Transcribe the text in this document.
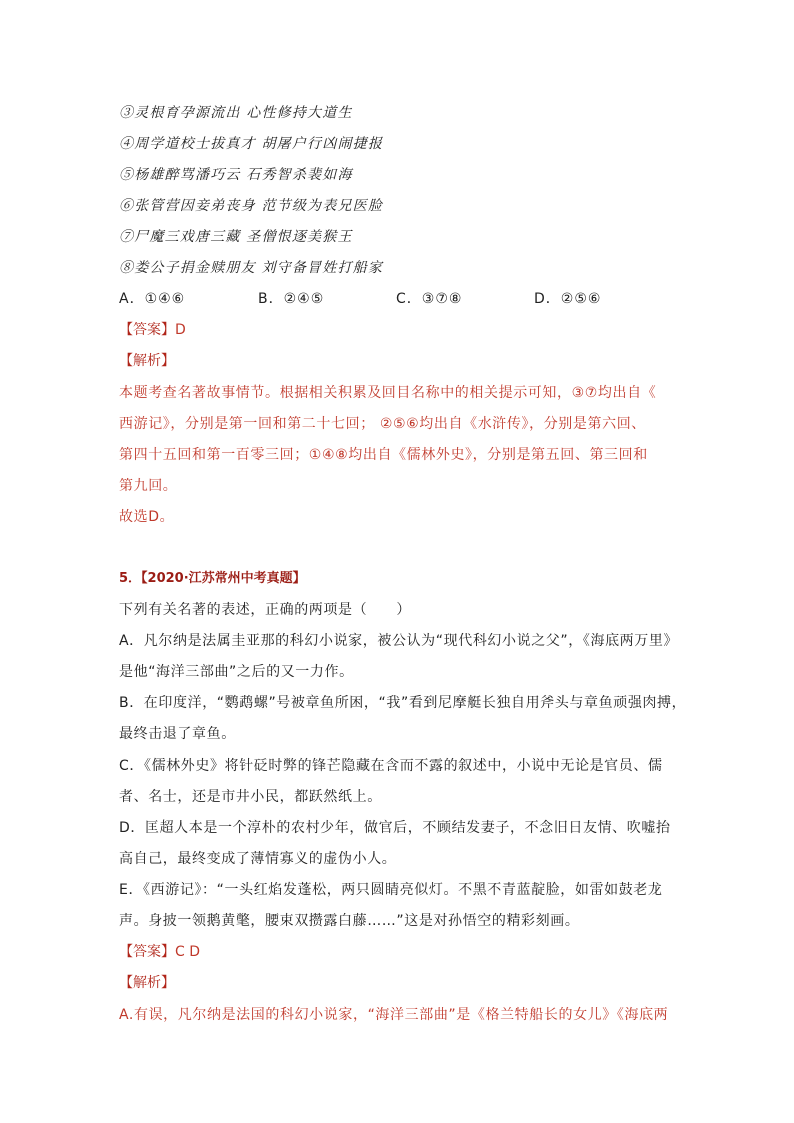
③灵根育孕源流出 心性修持大道生
④周学道校士拔真才 胡屠户行凶闹捷报
⑤杨雄醉骂潘巧云 石秀智杀裴如海
⑥张管营因妾弟丧身 范节级为表兄医脸
⑦尸魔三戏唐三藏 圣僧恨逐美猴王
⑧娄公子捐金赎朋友 刘守备冒姓打船家
A．①④⑥	B．②④⑤	C．③⑦⑧	D．②⑤⑥
【答案】D
【解析】
本题考查名著故事情节。根据相关积累及回目名称中的相关提示可知，③⑦均出自《
西游记》，分别是第一回和第二十七回； ②⑤⑥均出自《水浒传》，分别是第六回、
第四十五回和第一百零三回；①④⑧均出自《儒林外史》，分别是第五回、第三回和
第九回。
故选D。
5．【2020·江苏常州中考真题】
下列有关名著的表述，正确的两项是（　　）
A．凡尔纳是法属圭亚那的科幻小说家，被公认为“现代科幻小说之父”，《海底两万里》
是他“海洋三部曲”之后的又一力作。
B．在印度洋，“鹦鹉螺”号被章鱼所困，“我”看到尼摩艇长独自用斧头与章鱼顽强肉搏，
最终击退了章鱼。
C．《儒林外史》将针砭时弊的锋芒隐藏在含而不露的叙述中，小说中无论是官员、儒
者、名士，还是市井小民，都跃然纸上。
D．匡超人本是一个淳朴的农村少年，做官后，不顾结发妻子，不念旧日友情、吹嘘抬
高自己，最终变成了薄情寡义的虚伪小人。
E．《西游记》：“一头红焰发蓬松，两只圆睛亮似灯。不黑不青蓝靛脸，如雷如鼓老龙
声。身披一领鹅黄氅，腰束双攒露白藤……”这是对孙悟空的精彩刻画。
【答案】C D
【解析】
A.有误，凡尔纳是法国的科幻小说家，“海洋三部曲”是《格兰特船长的女儿》《海底两
